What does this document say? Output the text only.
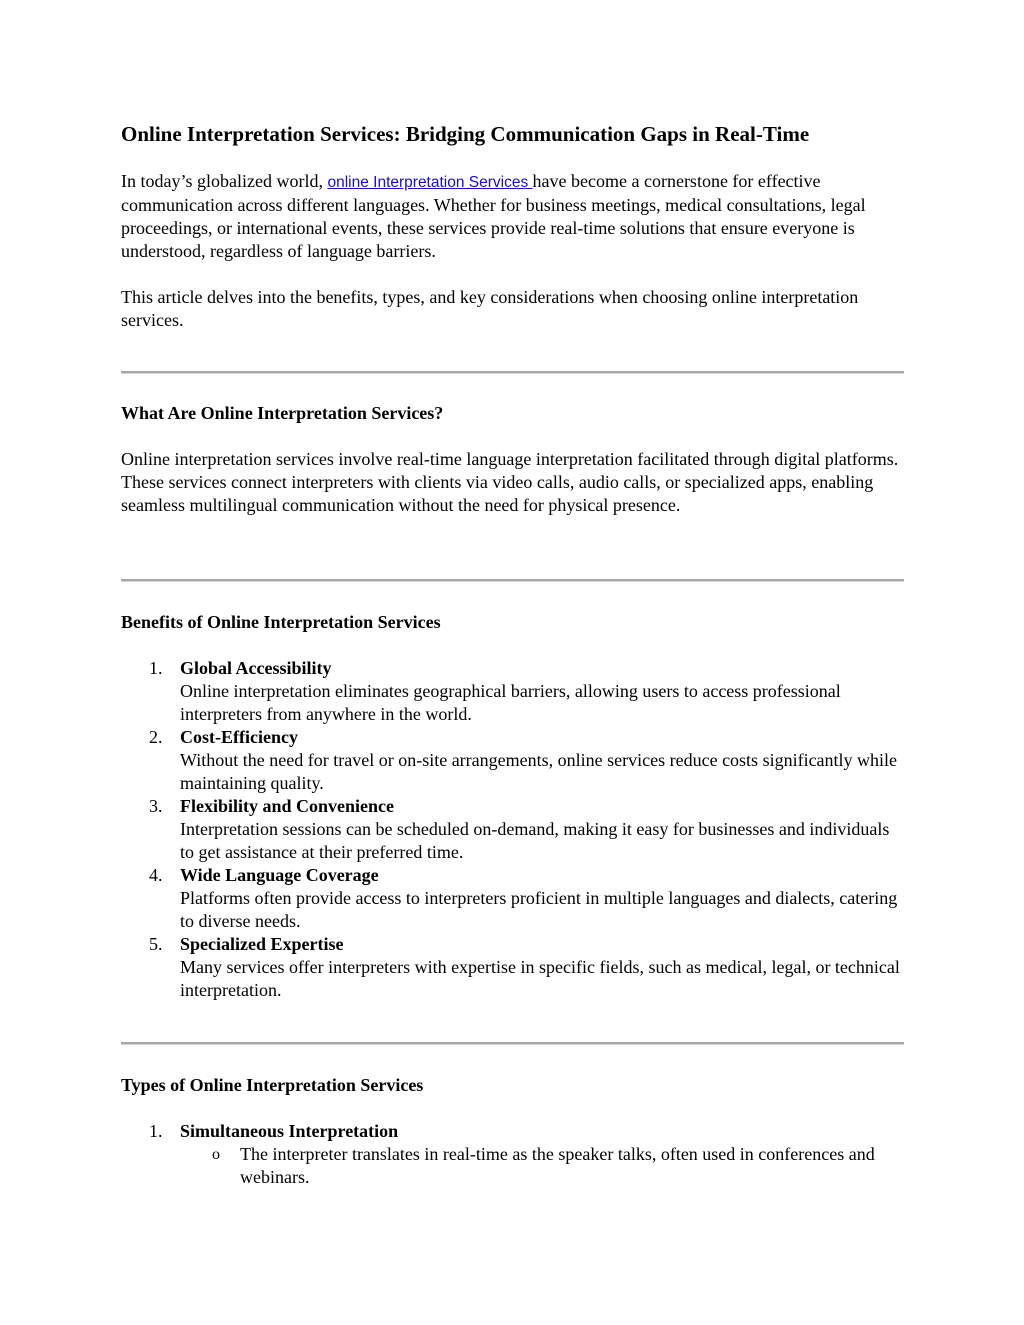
Online Interpretation Services: Bridging Communication Gaps in Real-Time

In today’s globalized world, online Interpretation Services have become a cornerstone for effective communication across different languages. Whether for business meetings, medical consultations, legal proceedings, or international events, these services provide real-time solutions that ensure everyone is understood, regardless of language barriers.

This article delves into the benefits, types, and key considerations when choosing online interpretation services.

What Are Online Interpretation Services?

Online interpretation services involve real-time language interpretation facilitated through digital platforms. These services connect interpreters with clients via video calls, audio calls, or specialized apps, enabling seamless multilingual communication without the need for physical presence.

Benefits of Online Interpretation Services
1. Global Accessibility
Online interpretation eliminates geographical barriers, allowing users to access professional interpreters from anywhere in the world.
2. Cost-Efficiency
Without the need for travel or on-site arrangements, online services reduce costs significantly while maintaining quality.
3. Flexibility and Convenience
Interpretation sessions can be scheduled on-demand, making it easy for businesses and individuals to get assistance at their preferred time.
4. Wide Language Coverage
Platforms often provide access to interpreters proficient in multiple languages and dialects, catering to diverse needs.
5. Specialized Expertise
Many services offer interpreters with expertise in specific fields, such as medical, legal, or technical interpretation.
Types of Online Interpretation Services
1. Simultaneous Interpretation
o The interpreter translates in real-time as the speaker talks, often used in conferences and webinars.
